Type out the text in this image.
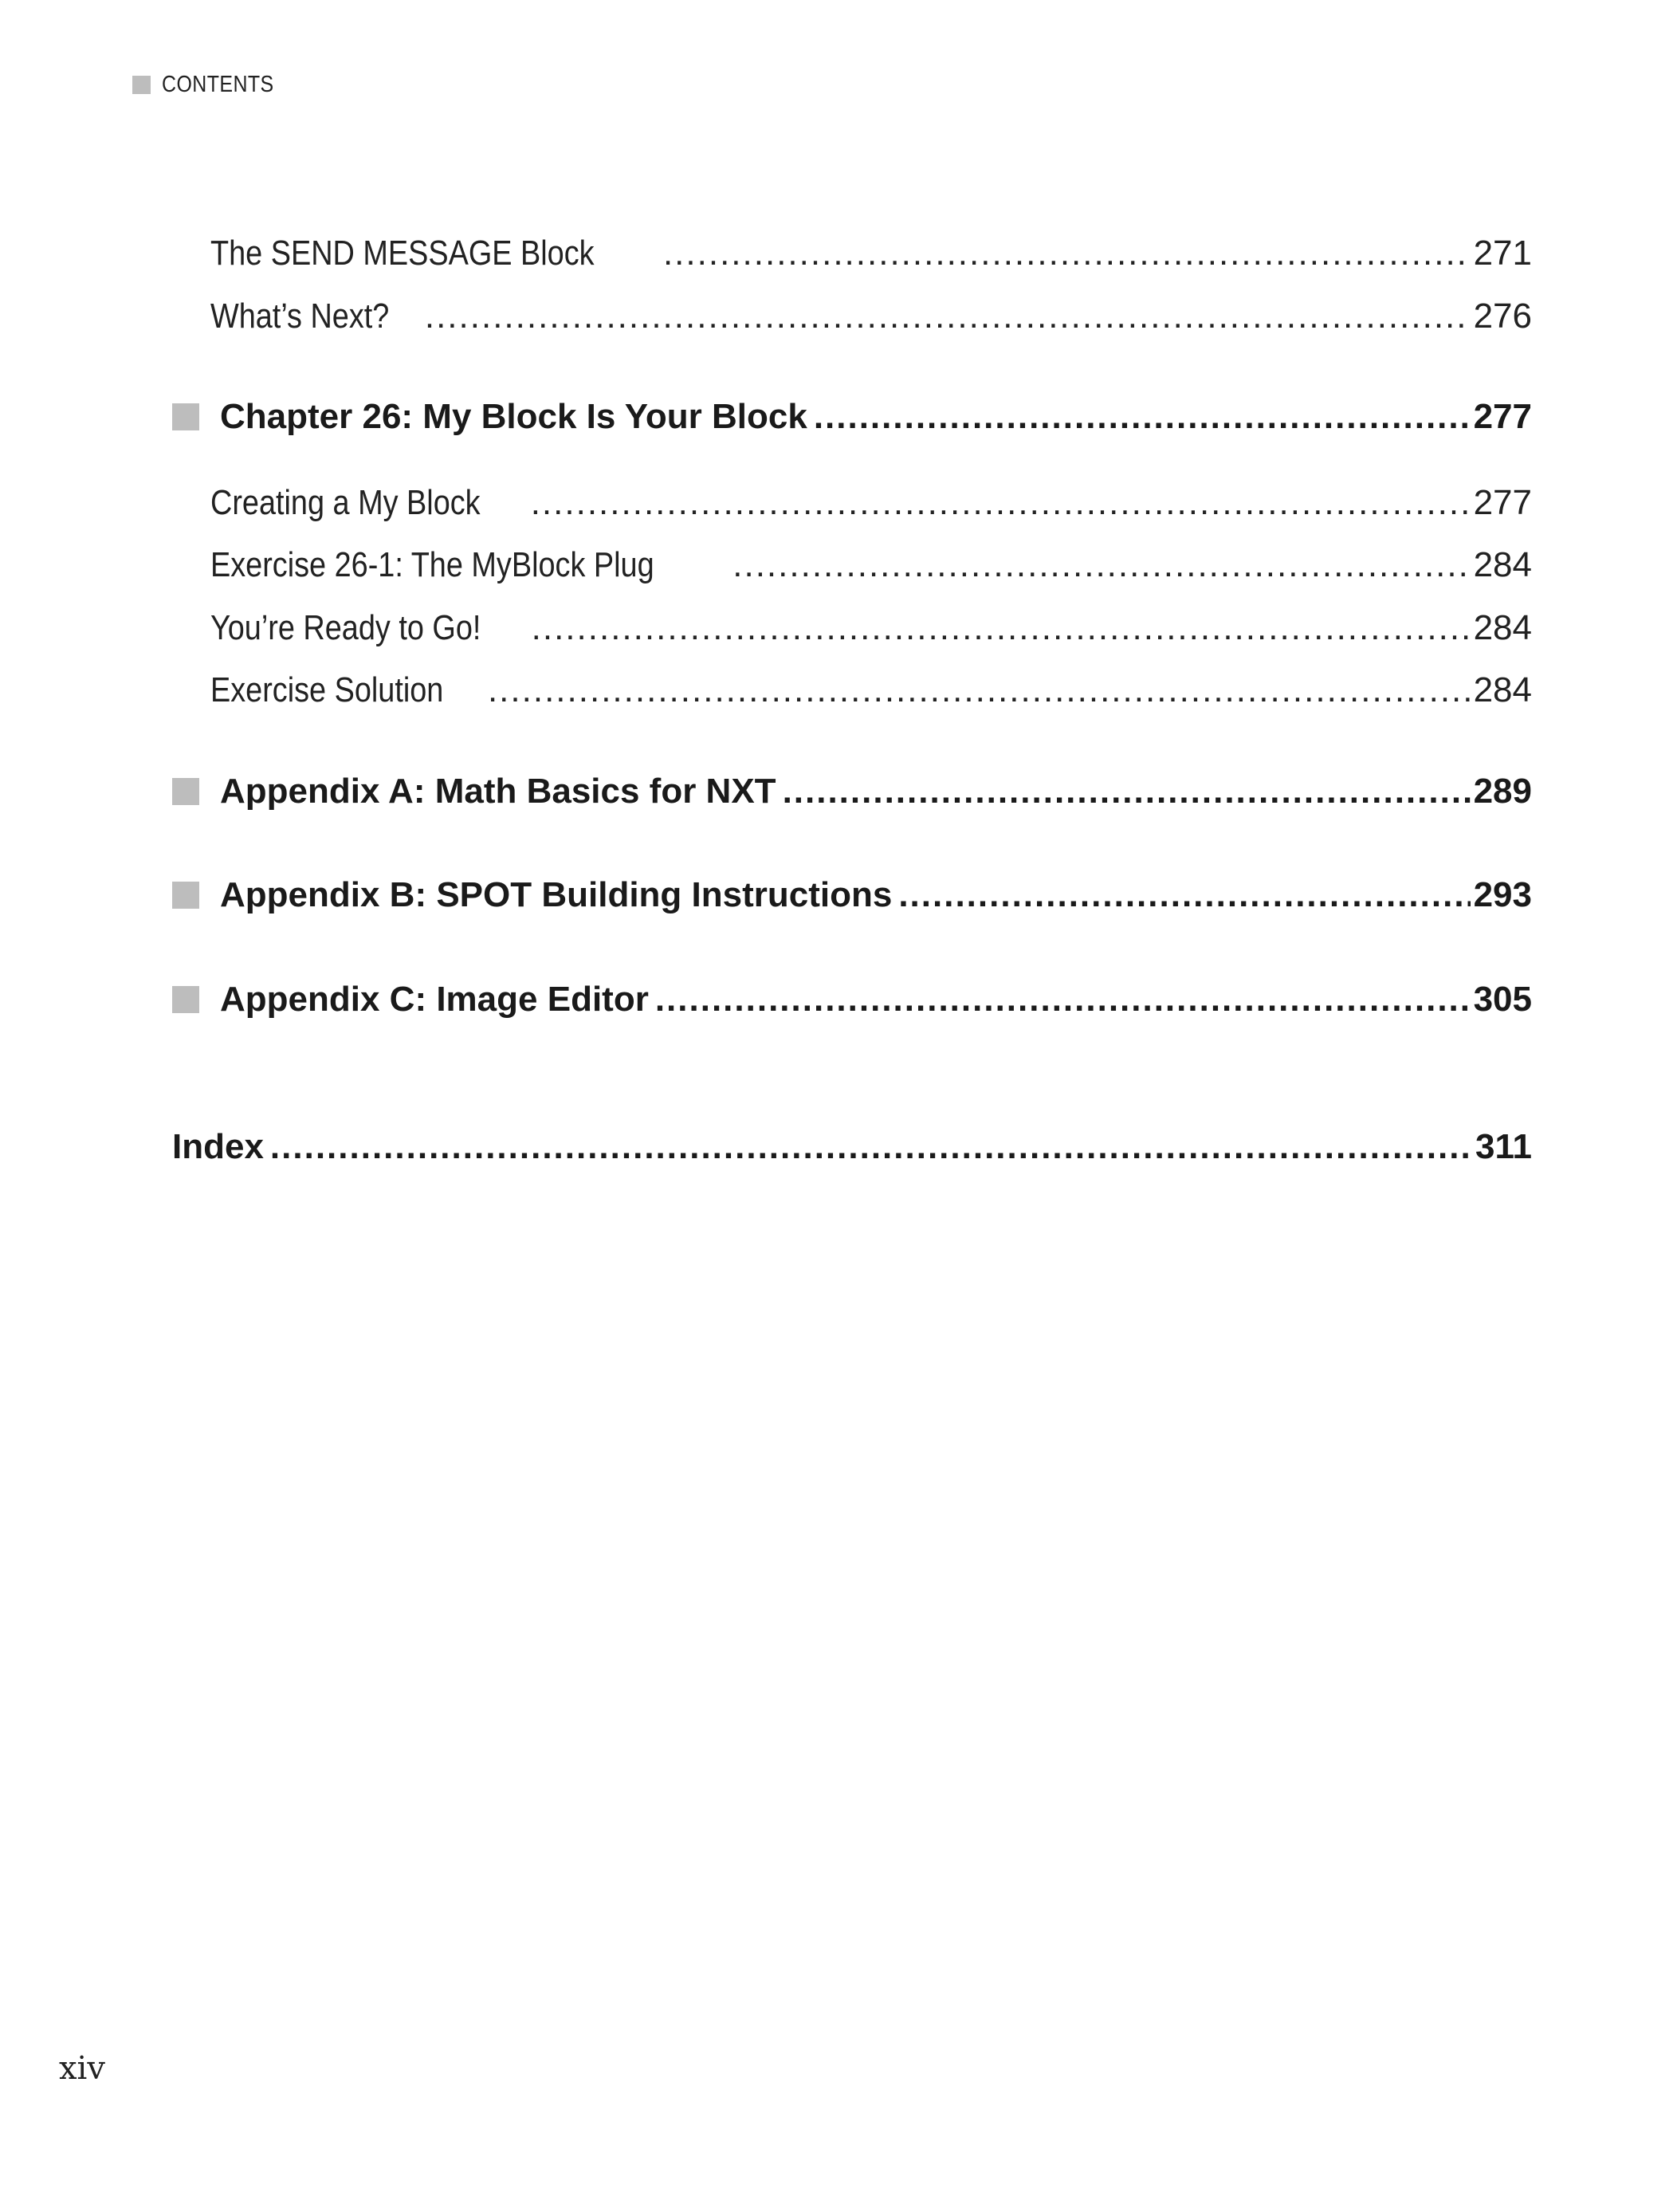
CONTENTS
The SEND MESSAGE Block .....	271
What’s Next? .....	276
Chapter 26: My Block Is Your Block .....	277
Creating a My Block .....	277
Exercise 26-1: The MyBlock Plug .....	284
You’re Ready to Go! .....	284
Exercise Solution .....	284
Appendix A: Math Basics for NXT .....	289
Appendix B: SPOT Building Instructions .....	293
Appendix C: Image Editor .....	305
Index .....	311
xiv
